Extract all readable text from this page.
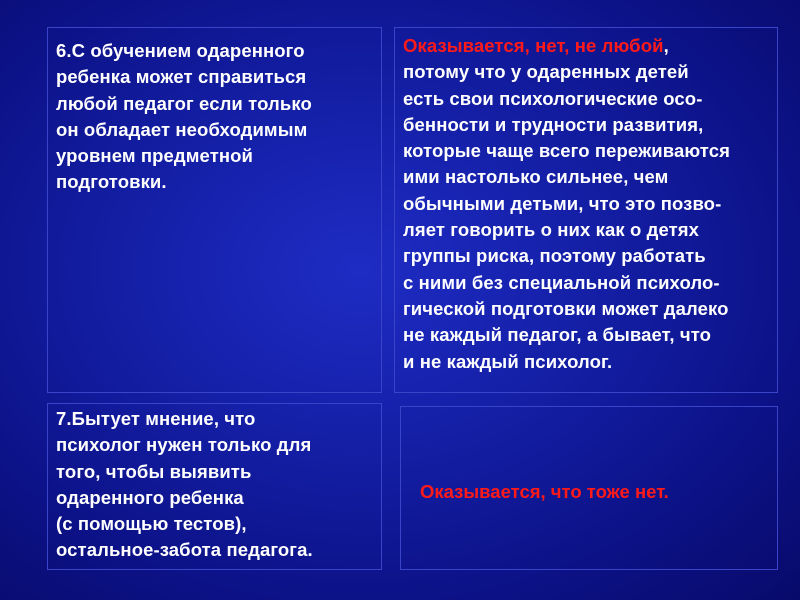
6.С обучением одаренного
ребенка может справиться
любой педагог если только
он обладает необходимым
уровнем предметной
подготовки.
Оказывается, нет, не любой,
потому что у одаренных детей
есть свои психологические осо-
бенности и трудности развития,
которые чаще всего переживаются
ими настолько сильнее, чем
обычными детьми, что это позво-
ляет говорить о них как о детях
группы риска, поэтому работать
с ними без специальной психоло-
гической подготовки может далеко
не каждый педагог, а бывает, что
и не каждый психолог.
7.Бытует мнение, что
психолог нужен только для
того, чтобы выявить
одаренного ребенка
(с помощью тестов),
остальное-забота педагога.
Оказывается, что тоже нет.
